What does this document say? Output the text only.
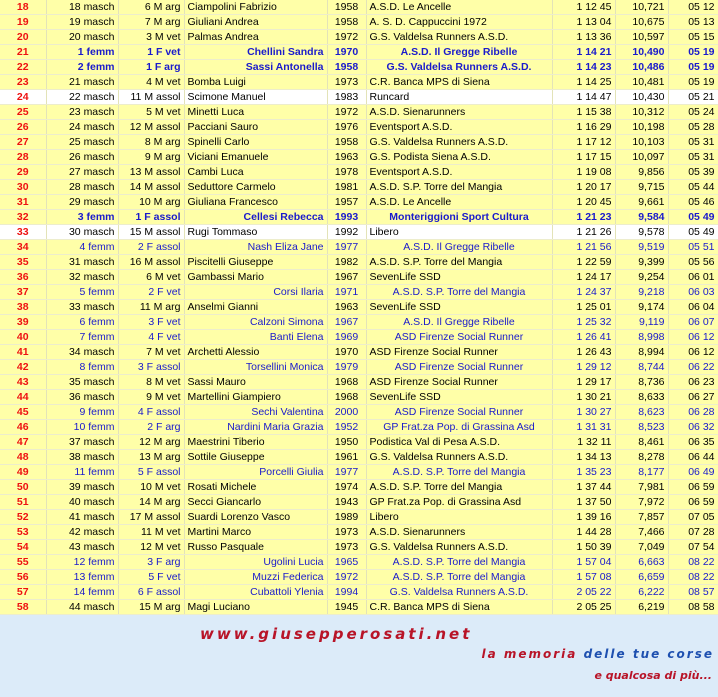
18	18 masch	6 M arg	Ciampolini Fabrizio	1958	A.S.D. Le Ancelle	1 12 45	10,721	05 12
19	19 masch	7 M arg	Giuliani Andrea	1958	A. S. D. Cappuccini 1972	1 13 04	10,675	05 13
20	20 masch	3 M vet	Palmas Andrea	1972	G.S. Valdelsa Runners A.S.D.	1 13 36	10,597	05 15
21	1 femm	1 F vet	Chellini Sandra	1970	A.S.D. Il Gregge Ribelle	1 14 21	10,490	05 19
22	2 femm	1 F arg	Sassi Antonella	1958	G.S. Valdelsa Runners A.S.D.	1 14 23	10,486	05 19
23	21 masch	4 M vet	Bomba Luigi	1973	C.R. Banca MPS di Siena	1 14 25	10,481	05 19
24	22 masch	11 M assol	Scimone Manuel	1983	Runcard	1 14 47	10,430	05 21
25	23 masch	5 M vet	Minetti Luca	1972	A.S.D. Sienarunners	1 15 38	10,312	05 24
26	24 masch	12 M assol	Pacciani Sauro	1976	Eventsport A.S.D.	1 16 29	10,198	05 28
27	25 masch	8 M arg	Spinelli Carlo	1958	G.S. Valdelsa Runners A.S.D.	1 17 12	10,103	05 31
28	26 masch	9 M arg	Viciani Emanuele	1963	G.S. Podista Siena A.S.D.	1 17 15	10,097	05 31
29	27 masch	13 M assol	Cambi Luca	1978	Eventsport A.S.D.	1 19 08	9,856	05 39
30	28 masch	14 M assol	Seduttore Carmelo	1981	A.S.D. S.P. Torre del Mangia	1 20 17	9,715	05 44
31	29 masch	10 M arg	Giuliana Francesco	1957	A.S.D. Le Ancelle	1 20 45	9,661	05 46
32	3 femm	1 F assol	Cellesi Rebecca	1993	Monteriggioni Sport Cultura	1 21 23	9,584	05 49
33	30 masch	15 M assol	Rugi Tommaso	1992	Libero	1 21 26	9,578	05 49
34	4 femm	2 F assol	Nash Eliza Jane	1977	A.S.D. Il Gregge Ribelle	1 21 56	9,519	05 51
35	31 masch	16 M assol	Piscitelli Giuseppe	1982	A.S.D. S.P. Torre del Mangia	1 22 59	9,399	05 56
36	32 masch	6 M vet	Gambassi Mario	1967	SevenLife SSD	1 24 17	9,254	06 01
37	5 femm	2 F vet	Corsi Ilaria	1971	A.S.D. S.P. Torre del Mangia	1 24 37	9,218	06 03
38	33 masch	11 M arg	Anselmi Gianni	1963	SevenLife SSD	1 25 01	9,174	06 04
39	6 femm	3 F vet	Calzoni Simona	1967	A.S.D. Il Gregge Ribelle	1 25 32	9,119	06 07
40	7 femm	4 F vet	Banti Elena	1969	ASD Firenze Social Runner	1 26 41	8,998	06 12
41	34 masch	7 M vet	Archetti Alessio	1970	ASD Firenze Social Runner	1 26 43	8,994	06 12
42	8 femm	3 F assol	Torsellini Monica	1979	ASD Firenze Social Runner	1 29 12	8,744	06 22
43	35 masch	8 M vet	Sassi Mauro	1968	ASD Firenze Social Runner	1 29 17	8,736	06 23
44	36 masch	9 M vet	Martellini Giampiero	1968	SevenLife SSD	1 30 21	8,633	06 27
45	9 femm	4 F assol	Sechi Valentina	2000	ASD Firenze Social Runner	1 30 27	8,623	06 28
46	10 femm	2 F arg	Nardini Maria Grazia	1952	GP Frat.za Pop. di Grassina Asd	1 31 31	8,523	06 32
47	37 masch	12 M arg	Maestrini Tiberio	1950	Podistica Val di Pesa A.S.D.	1 32 11	8,461	06 35
48	38 masch	13 M arg	Sottile Giuseppe	1961	G.S. Valdelsa Runners A.S.D.	1 34 13	8,278	06 44
49	11 femm	5 F assol	Porcelli Giulia	1977	A.S.D. S.P. Torre del Mangia	1 35 23	8,177	06 49
50	39 masch	10 M vet	Rosati Michele	1974	A.S.D. S.P. Torre del Mangia	1 37 44	7,981	06 59
51	40 masch	14 M arg	Secci Giancarlo	1943	GP Frat.za Pop. di Grassina Asd	1 37 50	7,972	06 59
52	41 masch	17 M assol	Suardi Lorenzo Vasco	1989	Libero	1 39 16	7,857	07 05
53	42 masch	11 M vet	Martini Marco	1973	A.S.D. Sienarunners	1 44 28	7,466	07 28
54	43 masch	12 M vet	Russo Pasquale	1973	G.S. Valdelsa Runners A.S.D.	1 50 39	7,049	07 54
55	12 femm	3 F arg	Ugolini Lucia	1965	A.S.D. S.P. Torre del Mangia	1 57 04	6,663	08 22
56	13 femm	5 F vet	Muzzi Federica	1972	A.S.D. S.P. Torre del Mangia	1 57 08	6,659	08 22
57	14 femm	6 F assol	Cubattoli Ylenia	1994	G.S. Valdelsa Runners A.S.D.	2 05 22	6,222	08 57
58	44 masch	15 M arg	Magi Luciano	1945	C.R. Banca MPS di Siena	2 05 25	6,219	08 58
www.giusepperosati.net
la memoria delle tue corse
e qualcosa di più...
